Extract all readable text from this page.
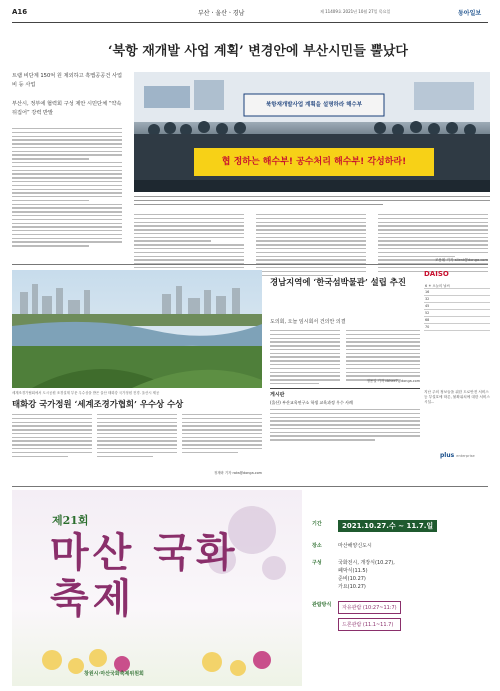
A16	부산ㆍ울산ㆍ경남	제 11409호 2021년 10월 27일 목요일	동아일보
‘북항 재개발 사업 계획’ 변경안에 부산시민들 뿔났다
트램 비단계 150억 원 제외하고 흑맵공공건 사업 비 등 사업
부산시, 정부에 협력회 구성 제안 시민단체 “약속 뒤집어” 강력 반발
북항재개발사업 계획을 설명하라 해수부
협 정하는 해수부! 공수처리 해수부! 각성하라!
조용휘 기자 silent@donga.com
세계조경가협회에서 도시공원 조경설계 부문 우수상을 받은 울산 태화강 국가정원 전경. 울산시 제공
태화강 국가정원 ‘세계조경가협회’ 우수상 수상
정재락 기자 raks@donga.com
경남지역에 ‘한국섬박물관’ 설립 추진
도의회, 오늘 임시회서 건의안 의결
정용일 기자 cbhee7@donga.com
게시판
(울산) 부산교육연구소 학생 교육과정 우수 사례
DAISO
6 ☀ 오늘의 날씨
16
32
45
52
68
70
지난 주의 정보들을 위한 도로안전 서비스 등 부설호에 따른, 불확위치에 대한 서비스 시설...
plus enterprise
제21회
마산 국화축제
창원시·마산국화축제위원회
기간	2021.10.27.수 ~ 11.7.일
장소	마산해양신도시
구성	국화전시, 개장식(10.27),
폐막식(11.5)
준비(10.27)
가요(10.27)
관람방식	자유관람 (10:27~11:7)
드론관람 (11.1~11.7)
